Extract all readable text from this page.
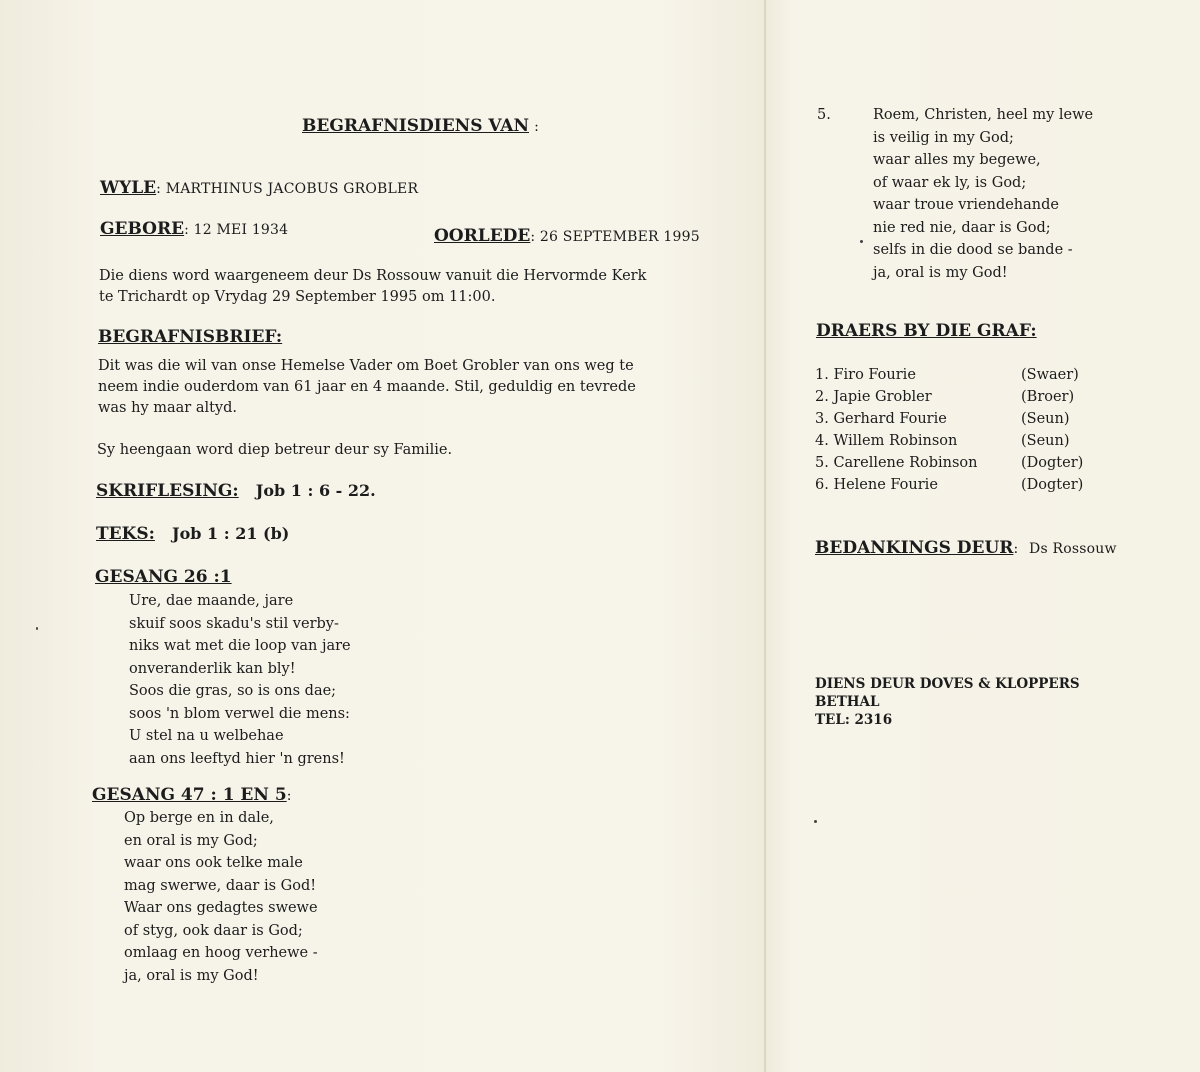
BEGRAFNISDIENS VAN :
WYLE: MARTHINUS JACOBUS GROBLER
GEBORE: 12 MEI 1934	OORLEDE: 26 SEPTEMBER 1995
Die diens word waargeneem deur Ds Rossouw vanuit die Hervormde Kerk
te Trichardt op Vrydag 29 September 1995 om 11:00.
BEGRAFNISBRIEF:
Dit was die wil van onse Hemelse Vader om Boet Grobler van ons weg te
neem indie ouderdom van 61 jaar en 4 maande. Stil, geduldig en tevrede
was hy maar altyd.
Sy heengaan word diep betreur deur sy Familie.
SKRIFLESING: Job 1 : 6 - 22.
TEKS: Job 1 : 21 (b)
GESANG 26 :1
Ure, dae maande, jare
skuif soos skadu's stil verby-
niks wat met die loop van jare
onveranderlik kan bly!
Soos die gras, so is ons dae;
soos 'n blom verwel die mens:
U stel na u welbehae
aan ons leeftyd hier 'n grens!
GESANG 47 : 1 EN 5:
Op berge en in dale,
en oral is my God;
waar ons ook telke male
mag swerwe, daar is God!
Waar ons gedagtes swewe
of styg, ook daar is God;
omlaag en hoog verhewe -
ja, oral is my God!
5.	Roem, Christen, heel my lewe
is veilig in my God;
waar alles my begewe,
of waar ek ly, is God;
waar troue vriendehande
nie red nie, daar is God;
selfs in die dood se bande -
ja, oral is my God!
DRAERS BY DIE GRAF:
1. Firo Fourie	(Swaer)
2. Japie Grobler	(Broer)
3. Gerhard Fourie	(Seun)
4. Willem Robinson	(Seun)
5. Carellene Robinson	(Dogter)
6. Helene Fourie	(Dogter)
BEDANKINGS DEUR: Ds Rossouw
DIENS DEUR DOVES & KLOPPERS
BETHAL
TEL: 2316
